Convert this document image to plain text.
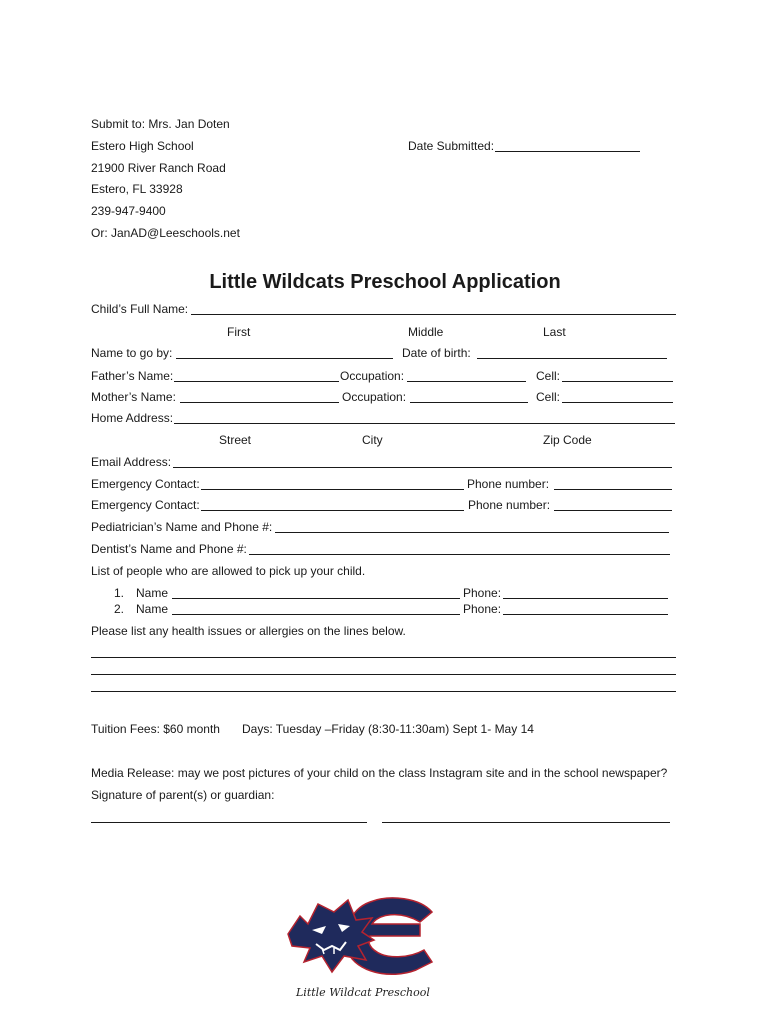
Submit to: Mrs. Jan Doten
Estero High School
21900 River Ranch Road
Estero, FL 33928
239-947-9400
Or: JanAD@Leeschools.net
Date Submitted:
Little Wildcats Preschool Application
Child’s Full Name:
First	Middle	Last
Name to go by:	Date of birth:
Father’s Name:	Occupation:	Cell:
Mother’s Name:	Occupation:	Cell:
Home Address:
Street	City	Zip Code
Email Address:
Emergency Contact:	Phone number:
Emergency Contact:	Phone number:
Pediatrician’s Name and Phone #:
Dentist’s Name and Phone #:
List of people who are allowed to pick up your child.
1. Name	Phone:
2. Name	Phone:
Please list any health issues or allergies on the lines below.
Tuition Fees: $60 month Days: Tuesday –Friday (8:30-11:30am) Sept 1- May 14
Media Release: may we post pictures of your child on the class Instagram site and in the school newspaper?
Signature of parent(s) or guardian:
Little Wildcat Preschool
